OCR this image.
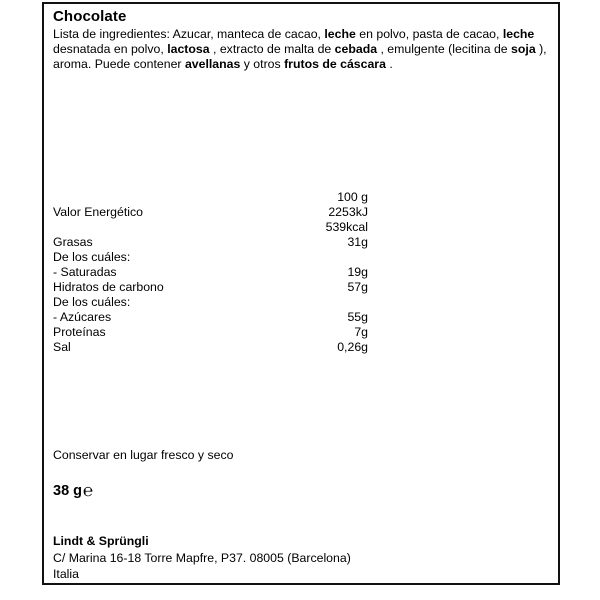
Chocolate

Lista de ingredientes: Azucar, manteca de cacao, leche en polvo, pasta de cacao, leche desnatada en polvo, lactosa , extracto de malta de cebada , emulgente (lecitina de soja ), aroma. Puede contener avellanas y otros frutos de cáscara .

	100 g
Valor Energético	2253kJ
	539kcal
Grasas	31g
De los cuáles:	
- Saturadas	19g
Hidratos de carbono	57g
De los cuáles:	
- Azúcares	55g
Proteínas	7g
Sal	0,26g
Conservar en lugar fresco y seco
38 g℮
Lindt & Sprüngli
C/ Marina 16-18 Torre Mapfre, P37. 08005 (Barcelona)
Italia
